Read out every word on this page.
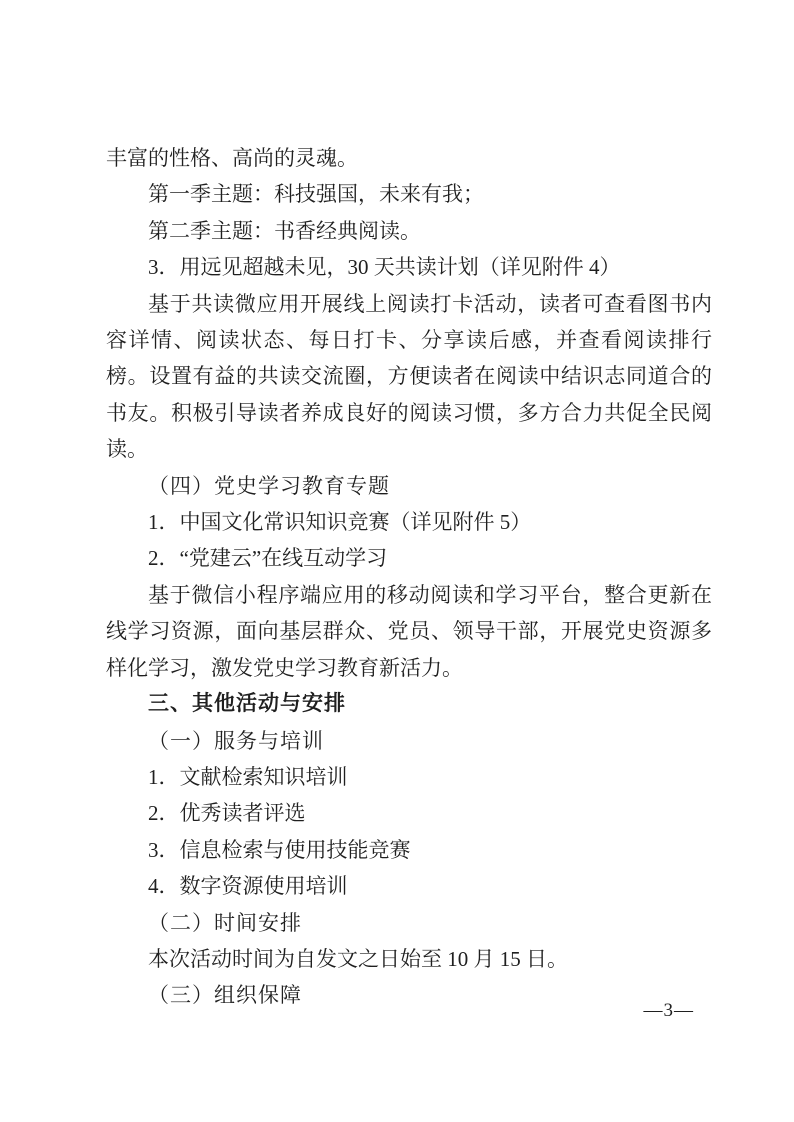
丰富的性格、高尚的灵魂。

第一季主题：科技强国，未来有我；

第二季主题：书香经典阅读。

3．用远见超越未见，30 天共读计划（详见附件 4）

基于共读微应用开展线上阅读打卡活动，读者可查看图书内容详情、阅读状态、每日打卡、分享读后感，并查看阅读排行榜。设置有益的共读交流圈，方便读者在阅读中结识志同道合的书友。积极引导读者养成良好的阅读习惯，多方合力共促全民阅读。

（四）党史学习教育专题

1．中国文化常识知识竞赛（详见附件 5）

2．“党建云”在线互动学习

基于微信小程序端应用的移动阅读和学习平台，整合更新在线学习资源，面向基层群众、党员、领导干部，开展党史资源多样化学习，激发党史学习教育新活力。

三、其他活动与安排

（一）服务与培训

1．文献检索知识培训

2．优秀读者评选

3．信息检索与使用技能竞赛

4．数字资源使用培训

（二）时间安排

本次活动时间为自发文之日始至 10 月 15 日。

（三）组织保障

—3—
